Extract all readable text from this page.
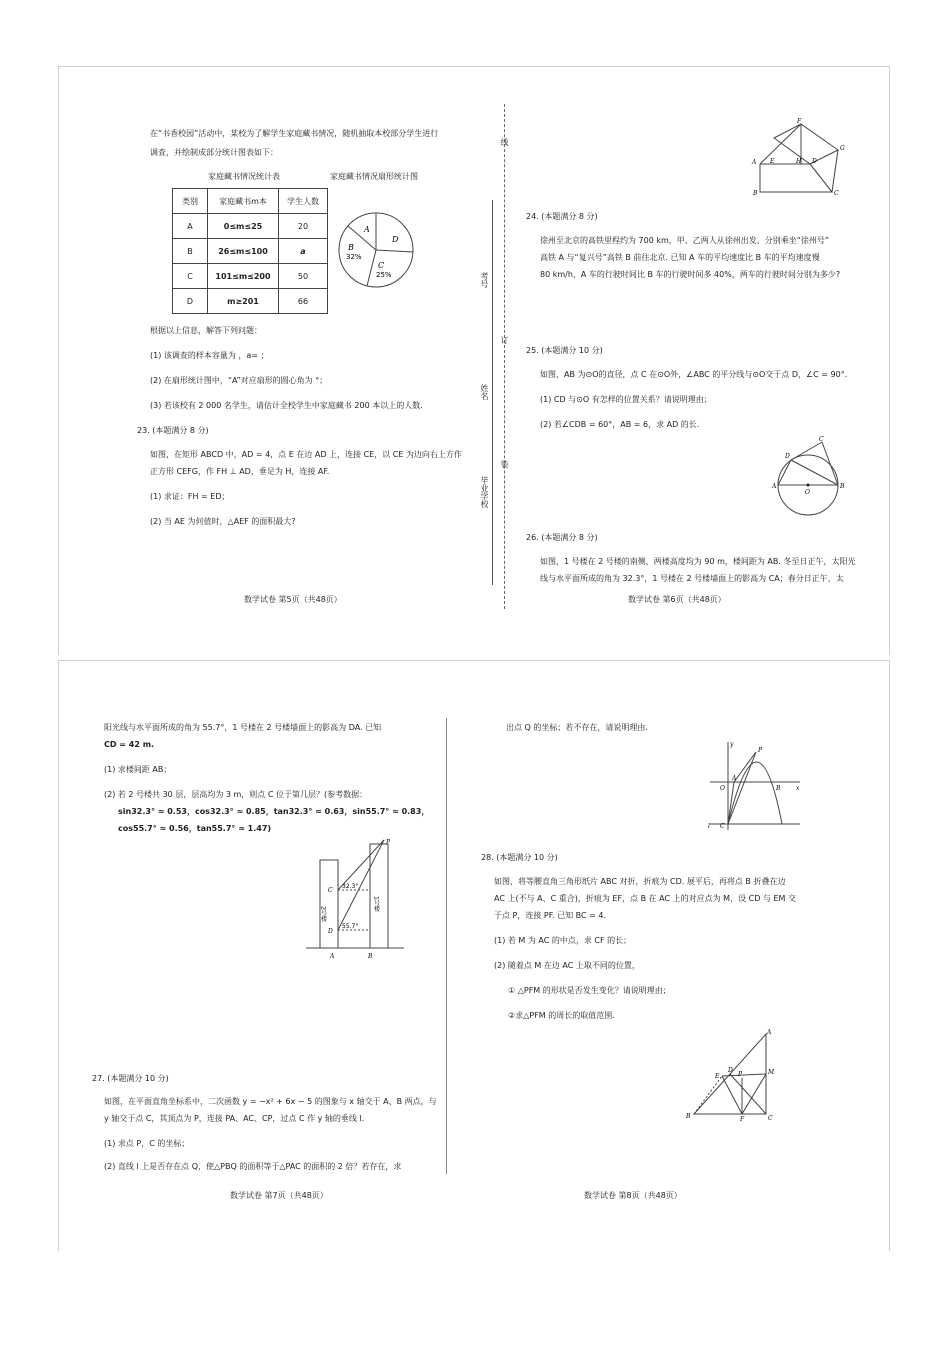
在“书香校园”活动中，某校为了解学生家庭藏书情况，随机抽取本校部分学生进行
调查，并绘制成部分统计图表如下：
家庭藏书情况统计表	家庭藏书情况扇形统计图
类别	家庭藏书m本	学生人数
A	0≤m≤25	20
B	26≤m≤100	a
C	101≤m≤200	50
D	m≥201	66
A
B
32%
C
25%
D
根据以上信息，解答下列问题：
(1) 该调查的样本容量为 ，a= ；
(2) 在扇形统计图中，“A”对应扇形的圆心角为 °；
(3) 若该校有 2 000 名学生，请估计全校学生中家庭藏书 200 本以上的人数.
23. (本题满分 8 分)
如图，在矩形 ABCD 中，AD = 4，点 E 在边 AD 上，连接 CE，以 CE 为边向右上方作
正方形 CEFG，作 FH ⊥ AD，垂足为 H，连接 AF.
(1) 求证：FH = ED；
(2) 当 AE 为何值时，△AEF 的面积最大?
数学试卷 第5页（共48页）
线
订
装
考号
姓名
毕业学校
F
G
A
B	C
D
E	H
24. (本题满分 8 分)
徐州至北京的高铁里程约为 700 km，甲、乙两人从徐州出发，分别乘坐“徐州号”
高铁 A 与“复兴号”高铁 B 前往北京. 已知 A 车的平均速度比 B 车的平均速度慢
80 km/h，A 车的行驶时间比 B 车的行驶时间多 40%，两车的行驶时间分别为多少?
25. (本题满分 10 分)
如图，AB 为⊙O的直径，点 C 在⊙O外，∠ABC 的平分线与⊙O交于点 D，∠C = 90°.
(1) CD 与⊙O 有怎样的位置关系？请说明理由；
(2) 若∠CDB = 60°，AB = 6，求 AD 的长.
A	B
C
D
O
26. (本题满分 8 分)
如图，1 号楼在 2 号楼的南侧，两楼高度均为 90 m，楼间距为 AB. 冬至日正午，太阳光
线与水平面所成的角为 32.3°，1 号楼在 2 号楼墙面上的影高为 CA；春分日正午，太
数学试卷 第6页（共48页）
阳光线与水平面所成的角为 55.7°，1 号楼在 2 号楼墙面上的影高为 DA. 已知
CD = 42 m.
(1) 求楼间距 AB；
(2) 若 2 号楼共 30 层，层高均为 3 m，则点 C 位于第几层？(参考数据：
sin32.3° ≈ 0.53，cos32.3° ≈ 0.85，tan32.3° ≈ 0.63，sin55.7° ≈ 0.83，
cos55.7° ≈ 0.56，tan55.7° ≈ 1.47)
2号楼
1号楼
32.3°
55.7°
A	B
C
D
P
27. (本题满分 10 分)
如图，在平面直角坐标系中，二次函数 y = −x² + 6x − 5 的图象与 x 轴交于 A、B 两点，与
y 轴交于点 C，其顶点为 P，连接 PA、AC、CP，过点 C 作 y 轴的垂线 l.
(1) 求点 P，C 的坐标；
(2) 直线 l 上是否存在点 Q，使△PBQ 的面积等于△PAC 的面积的 2 倍？若存在，求
数学试卷 第7页（共48页）
出点 Q 的坐标；若不存在，请说明理由.
y
x
P
O
A
B
C
l
28. (本题满分 10 分)
如图，将等腰直角三角形纸片 ABC 对折，折痕为 CD. 展平后，再将点 B 折叠在边
AC 上(不与 A、C 重合)，折痕为 EF，点 B 在 AC 上的对应点为 M，设 CD 与 EM 交
于点 P，连接 PF. 已知 BC = 4.
(1) 若 M 为 AC 的中点，求 CF 的长；
(2) 随着点 M 在边 AC 上取不同的位置，
① △PFM 的形状是否发生变化？请说明理由；
②求△PFM 的周长的取值范围.
A
B	C
D
E
F
M
P
数学试卷 第8页（共48页）
